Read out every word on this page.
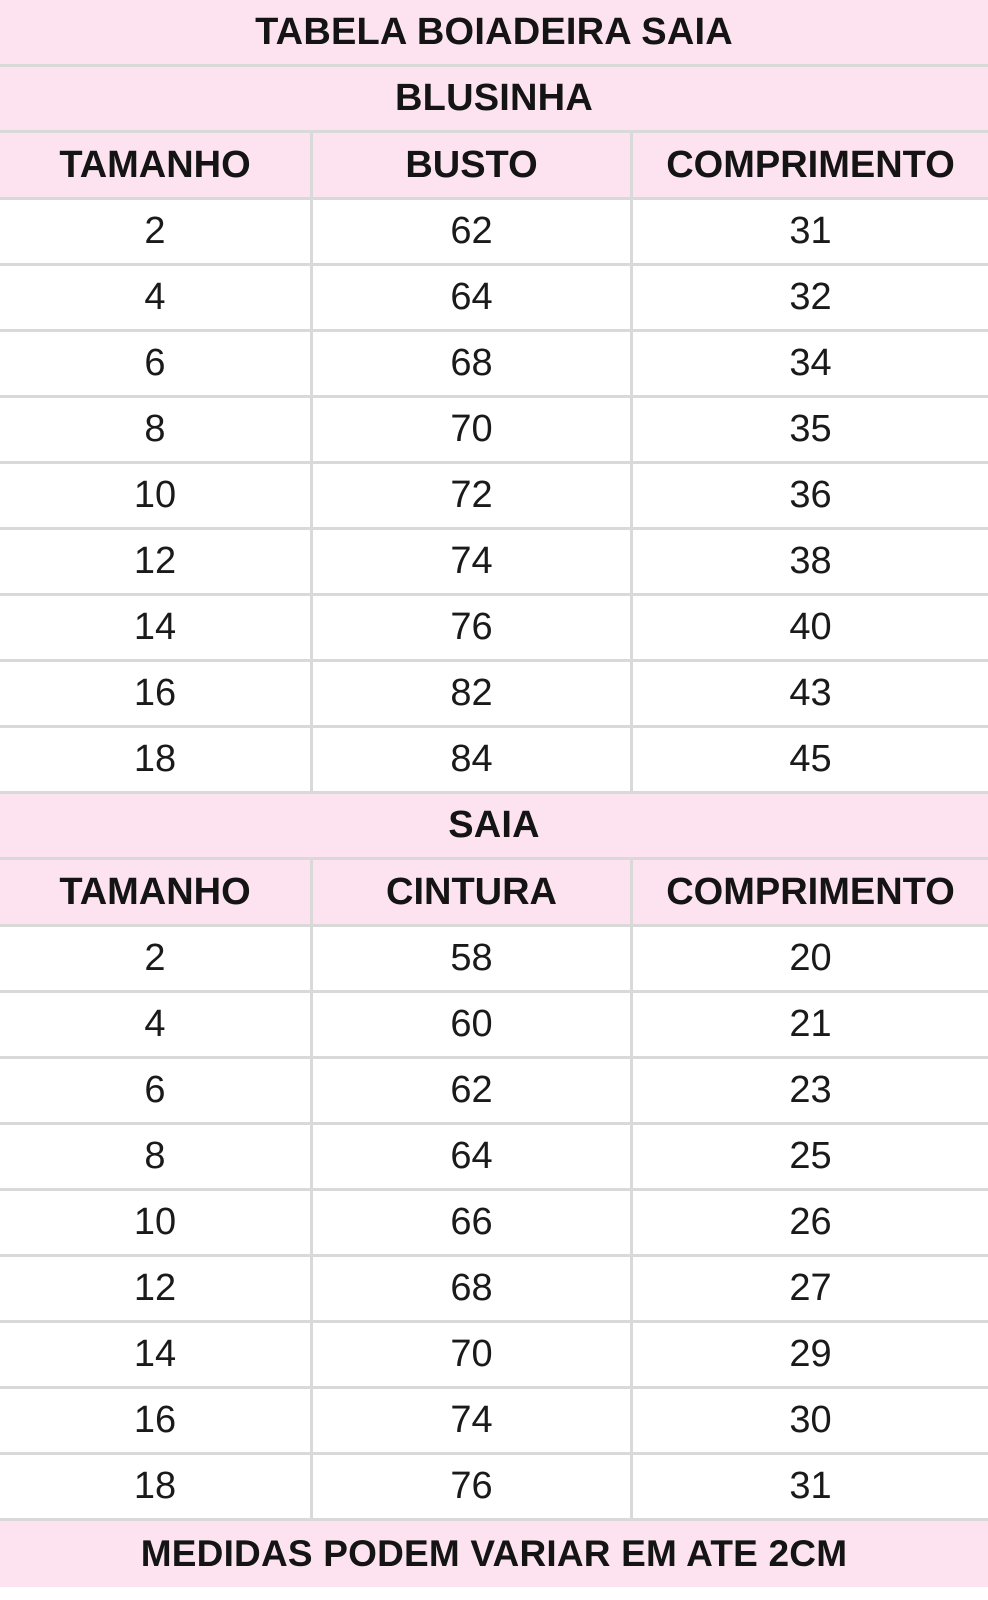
TABELA BOIADEIRA SAIA
BLUSINHA
TAMANHO	BUSTO	COMPRIMENTO
2	62	31
4	64	32
6	68	34
8	70	35
10	72	36
12	74	38
14	76	40
16	82	43
18	84	45
SAIA
TAMANHO	CINTURA	COMPRIMENTO
2	58	20
4	60	21
6	62	23
8	64	25
10	66	26
12	68	27
14	70	29
16	74	30
18	76	31
MEDIDAS PODEM VARIAR EM ATE 2CM
